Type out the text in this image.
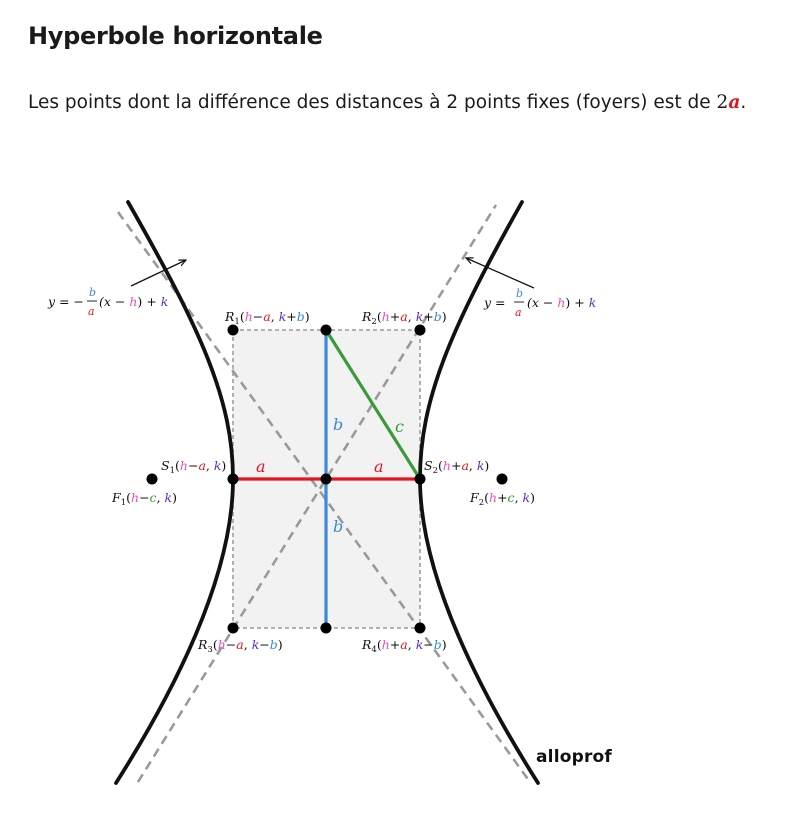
Hyperbole horizontale
Les points dont la différence des distances à 2 points fixes (foyers) est de 2a.
y = −
b
a
(x − h) + k	y =
b
a
(x − h) + k
$R_1(h-a$, k+b)	$R_2(h+a$, k+b)
$R_3(h-a$, k−b)	$R_4(h+a$, k−b)
$S_1(h-a$, k)	$S_2(h+a$, k)
$F_1(h-c$, k)	$F_2(h+c$, k)
a	a
b
b
c
alloprof
